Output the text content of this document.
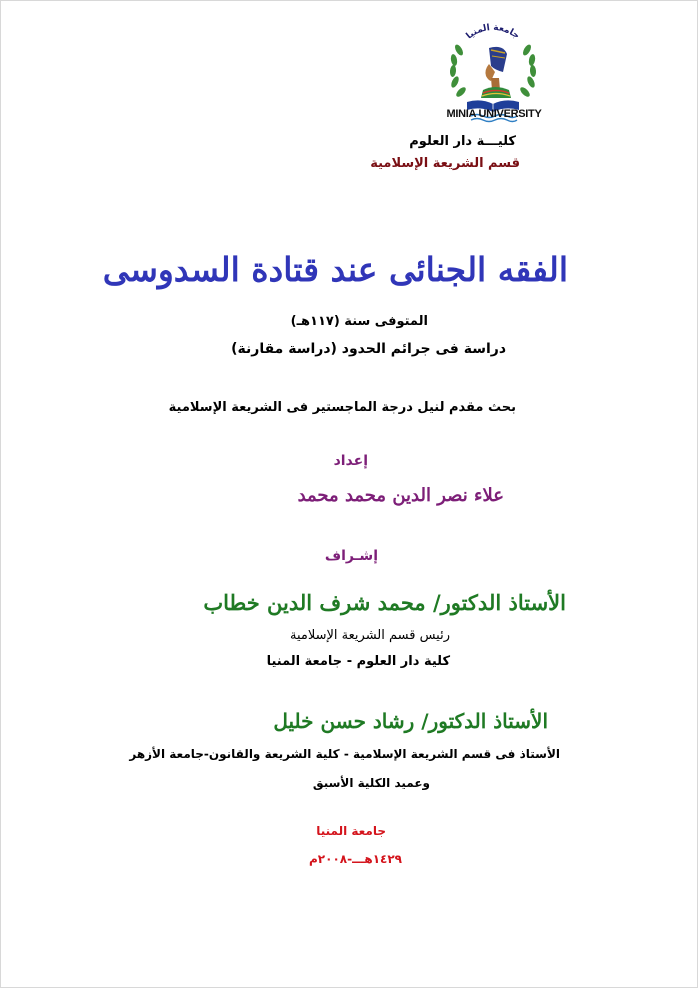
جامعة المنيا
MINIA UNIVERSITY
كليـــة دار العلوم
قسم الشريعة الإسلامية
الفقه الجنائى عند قتادة السدوسى
المتوفى سنة (١١٧هـ)
دراسة فى جرائم الحدود (دراسة مقارنة)
بحث مقدم لنيل درجة الماجستير فى الشريعة الإسلامية
إعداد
علاء نصر الدين محمد محمد
إشـراف
الأستاذ الدكتور/ محمد شرف الدين خطاب
رئيس قسم الشريعة الإسلامية
كلية دار العلوم - جامعة المنيا
الأستاذ الدكتور/ رشاد حسن خليل
الأستاذ فى قسم الشريعة الإسلامية - كلية الشريعة والقانون-جامعة الأزهر
وعميد الكلية الأسبق
جامعة المنيا
١٤٢٩هـــ-٢٠٠٨م
